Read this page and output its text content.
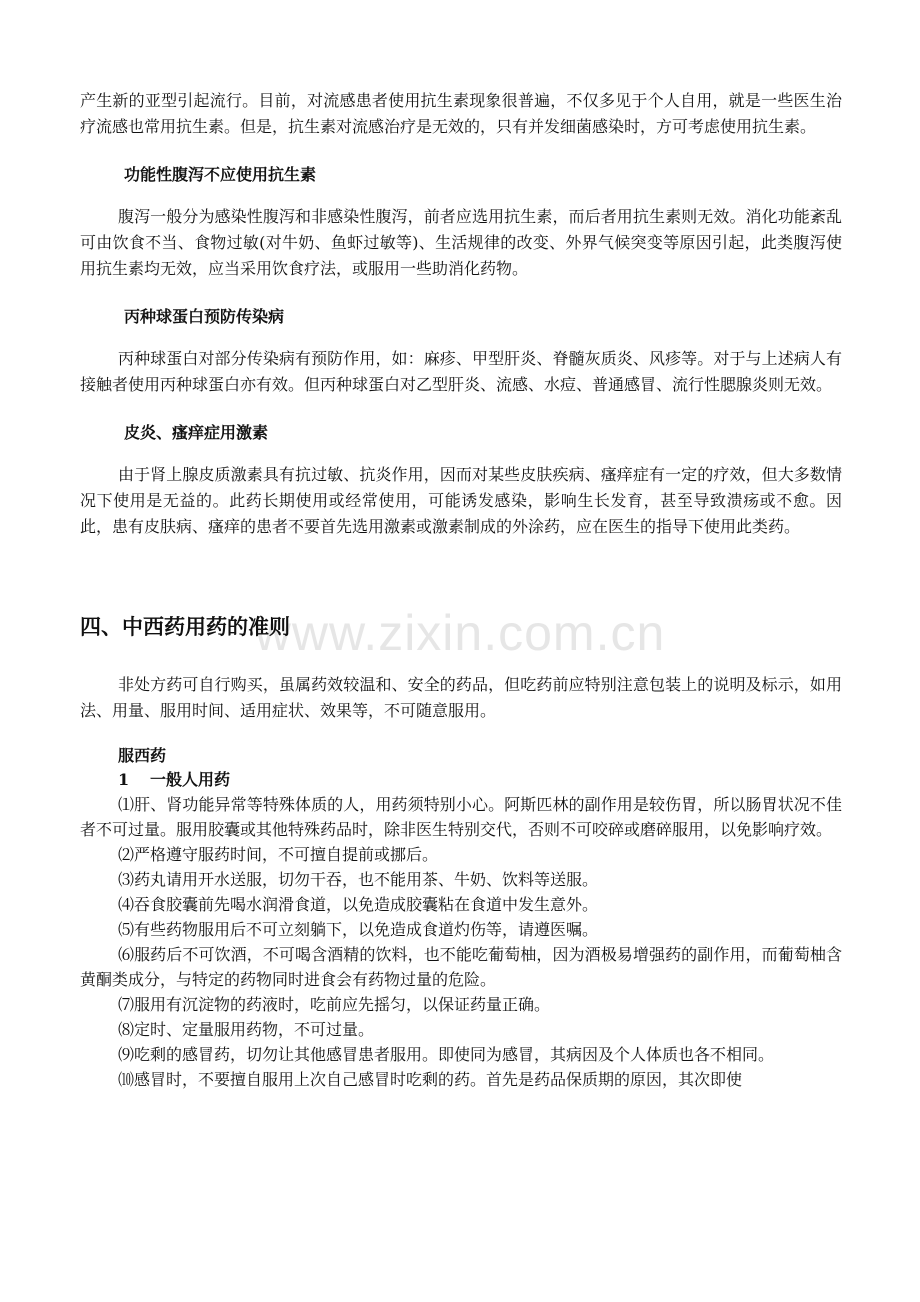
www.zixin.com.cn

产生新的亚型引起流行。目前，对流感患者使用抗生素现象很普遍，不仅多见于个人自用，就是一些医生治疗流感也常用抗生素。但是，抗生素对流感治疗是无效的，只有并发细菌感染时，方可考虑使用抗生素。

功能性腹泻不应使用抗生素

腹泻一般分为感染性腹泻和非感染性腹泻，前者应选用抗生素，而后者用抗生素则无效。消化功能紊乱可由饮食不当、食物过敏(对牛奶、鱼虾过敏等)、生活规律的改变、外界气候突变等原因引起，此类腹泻使用抗生素均无效，应当采用饮食疗法，或服用一些助消化药物。

丙种球蛋白预防传染病

丙种球蛋白对部分传染病有预防作用，如：麻疹、甲型肝炎、脊髓灰质炎、风疹等。对于与上述病人有接触者使用丙种球蛋白亦有效。但丙种球蛋白对乙型肝炎、流感、水痘、普通感冒、流行性腮腺炎则无效。

皮炎、瘙痒症用激素

由于肾上腺皮质激素具有抗过敏、抗炎作用，因而对某些皮肤疾病、瘙痒症有一定的疗效，但大多数情况下使用是无益的。此药长期使用或经常使用，可能诱发感染，影响生长发育，甚至导致溃疡或不愈。因此，患有皮肤病、瘙痒的患者不要首先选用激素或激素制成的外涂药，应在医生的指导下使用此类药。

四、中西药用药的准则

非处方药可自行购买，虽属药效较温和、安全的药品，但吃药前应特别注意包装上的说明及标示，如用法、用量、服用时间、适用症状、效果等，不可随意服用。

服西药
1 一般人用药

⑴肝、肾功能异常等特殊体质的人，用药须特别小心。阿斯匹林的副作用是较伤胃，所以肠胃状况不佳者不可过量。服用胶囊或其他特殊药品时，除非医生特别交代，否则不可咬碎或磨碎服用，以免影响疗效。

⑵严格遵守服药时间，不可擅自提前或挪后。

⑶药丸请用开水送服，切勿干吞，也不能用茶、牛奶、饮料等送服。

⑷吞食胶囊前先喝水润滑食道，以免造成胶囊粘在食道中发生意外。

⑸有些药物服用后不可立刻躺下，以免造成食道灼伤等，请遵医嘱。

⑹服药后不可饮酒，不可喝含酒精的饮料，也不能吃葡萄柚，因为酒极易增强药的副作用，而葡萄柚含黄酮类成分，与特定的药物同时进食会有药物过量的危险。

⑺服用有沉淀物的药液时，吃前应先摇匀，以保证药量正确。

⑻定时、定量服用药物，不可过量。

⑼吃剩的感冒药，切勿让其他感冒患者服用。即使同为感冒，其病因及个人体质也各不相同。

⑽感冒时，不要擅自服用上次自己感冒时吃剩的药。首先是药品保质期的原因，其次即使
